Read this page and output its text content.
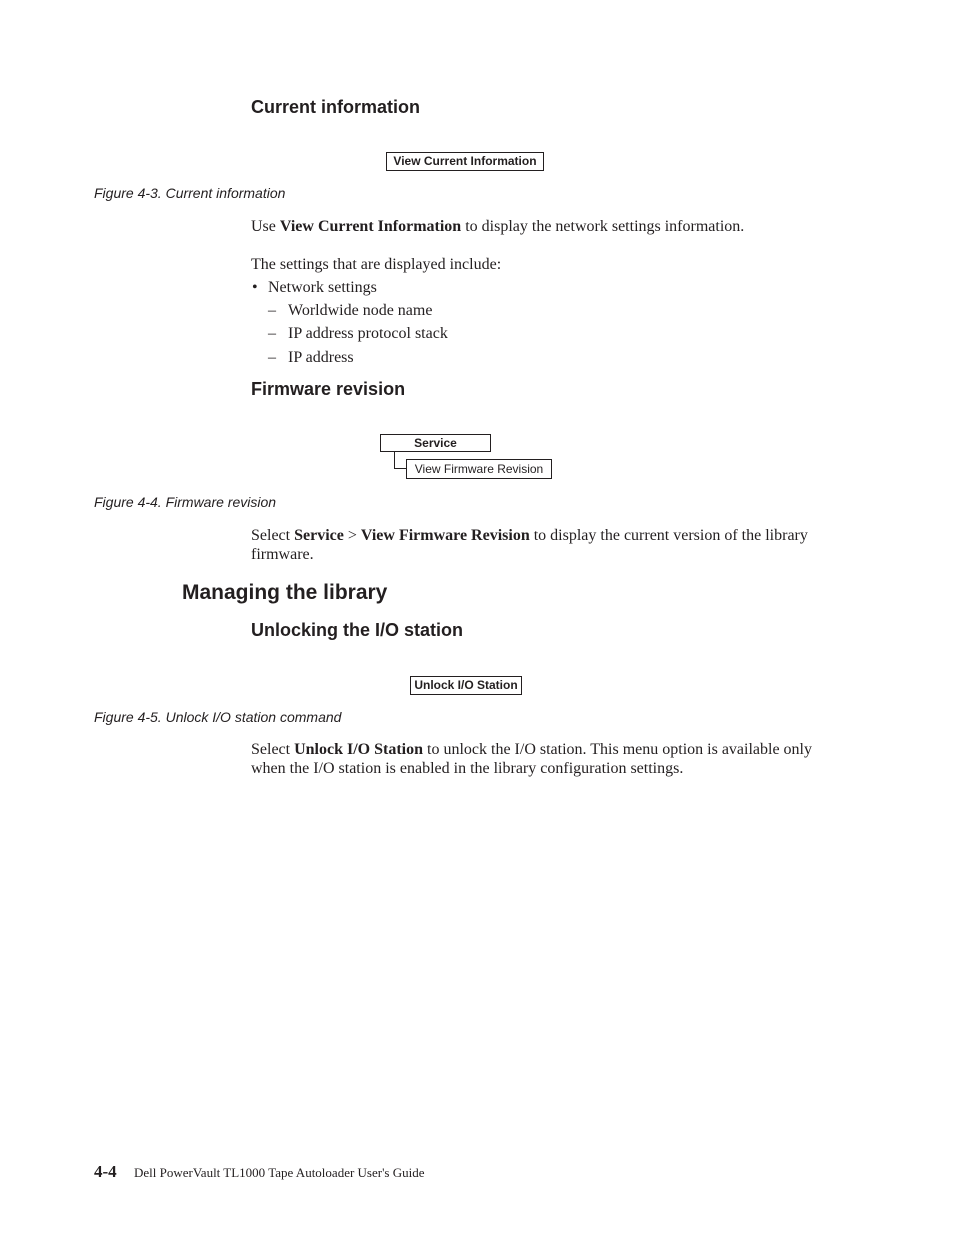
Current information
View Current Information
Figure 4-3. Current information
Use View Current Information to display the network settings information.
The settings that are displayed include:
• Network settings
– Worldwide node name
– IP address protocol stack
– IP address
Firmware revision
Service
View Firmware Revision
Figure 4-4. Firmware revision
Select Service > View Firmware Revision to display the current version of the library firmware.
Managing the library
Unlocking the I/O station
Unlock I/O Station
Figure 4-5. Unlock I/O station command
Select Unlock I/O Station to unlock the I/O station. This menu option is available only when the I/O station is enabled in the library configuration settings.
4-4 Dell PowerVault TL1000 Tape Autoloader User's Guide
